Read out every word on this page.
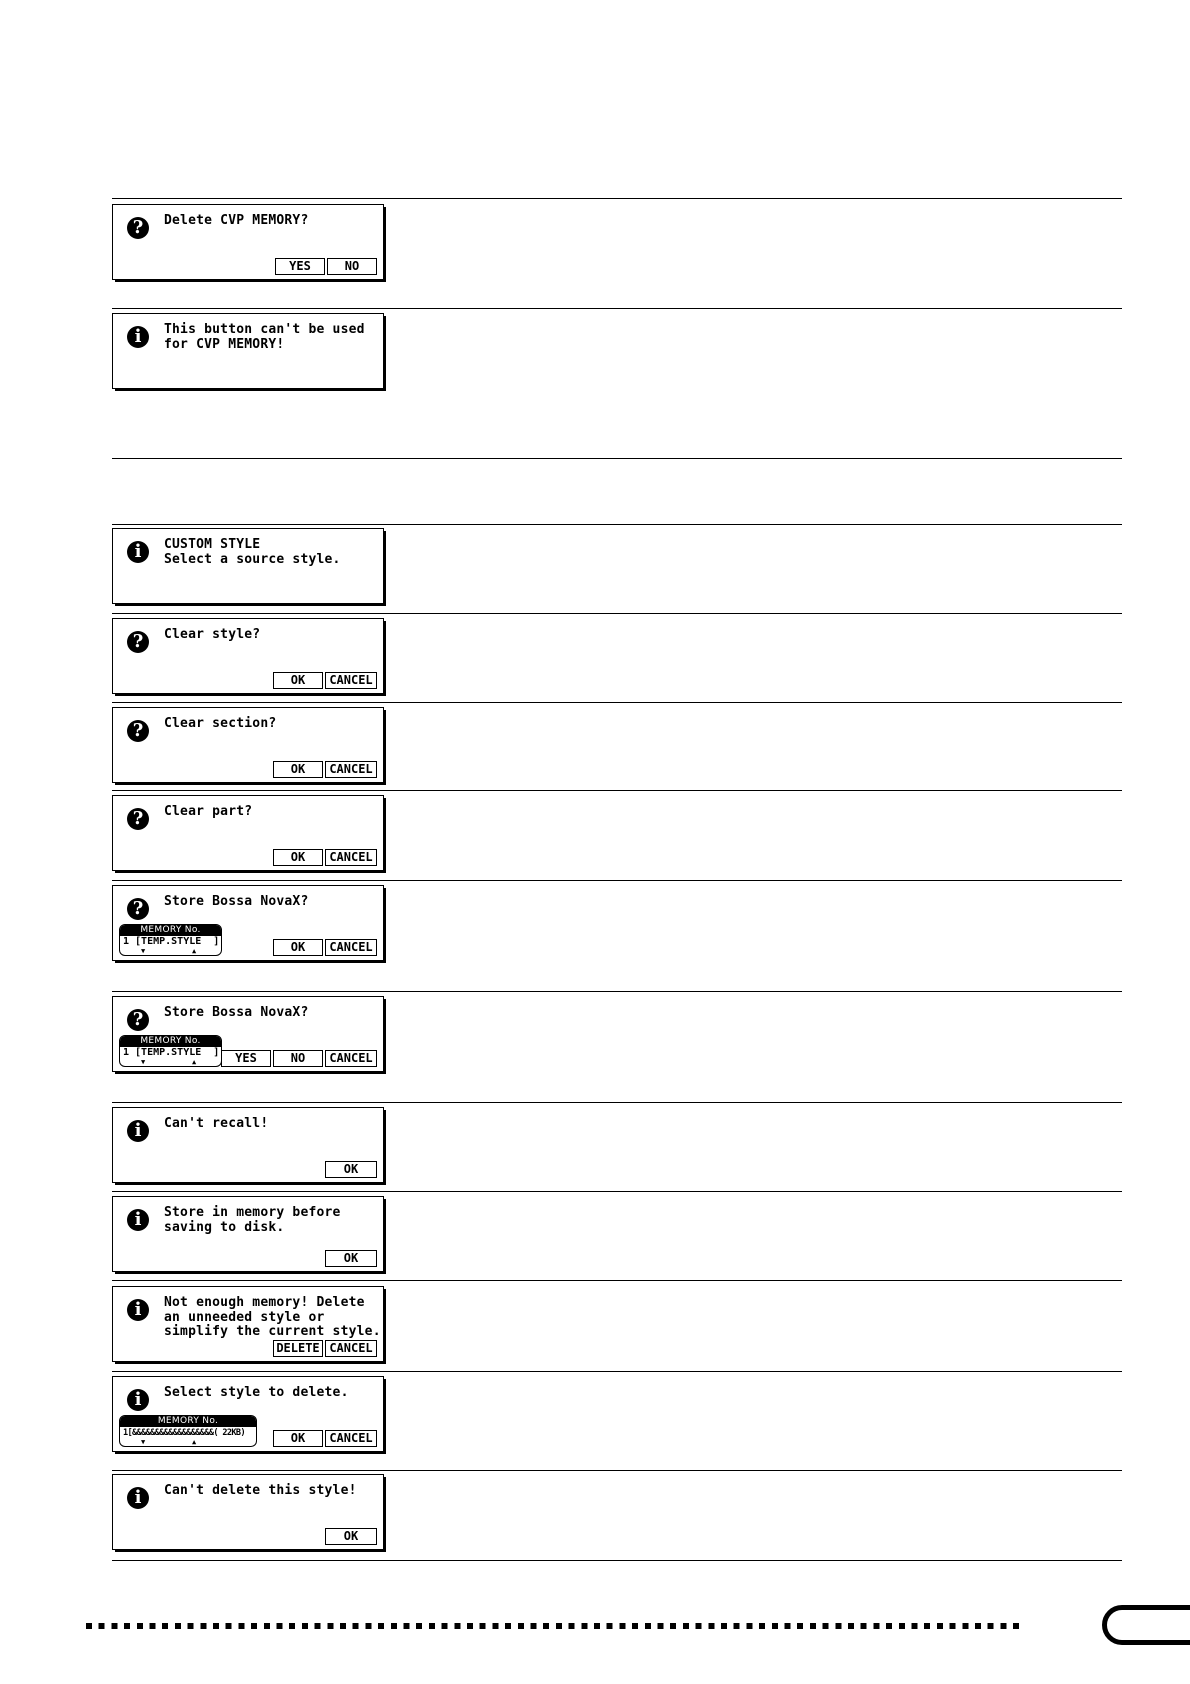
?	Delete CVP MEMORY?

YES	NO
i	This button can't be used
for CVP MEMORY!

i	CUSTOM STYLE
Select a source style.

?	Clear style?

OK	CANCEL
?	Clear section?

OK	CANCEL
?	Clear part?

OK	CANCEL
?	Store Bossa NovaX?

MEMORY No.
1 [TEMP.STYLE  ]
▼	▲	OK	CANCEL
?	Store Bossa NovaX?

MEMORY No.
1 [TEMP.STYLE  ]
▼	▲	YES	NO	CANCEL
i	Can't recall!

OK
i	Store in memory before
saving to disk.

OK
i	Not enough memory! Delete
an unneeded style or
simplify the current style.

DELETE CANCEL
i	Select style to delete.

MEMORY No.
1[&&&&&&&&&&&&&&&&&&( 22KB)
▼	▲	OK	CANCEL
i	Can't delete this style!

OK
